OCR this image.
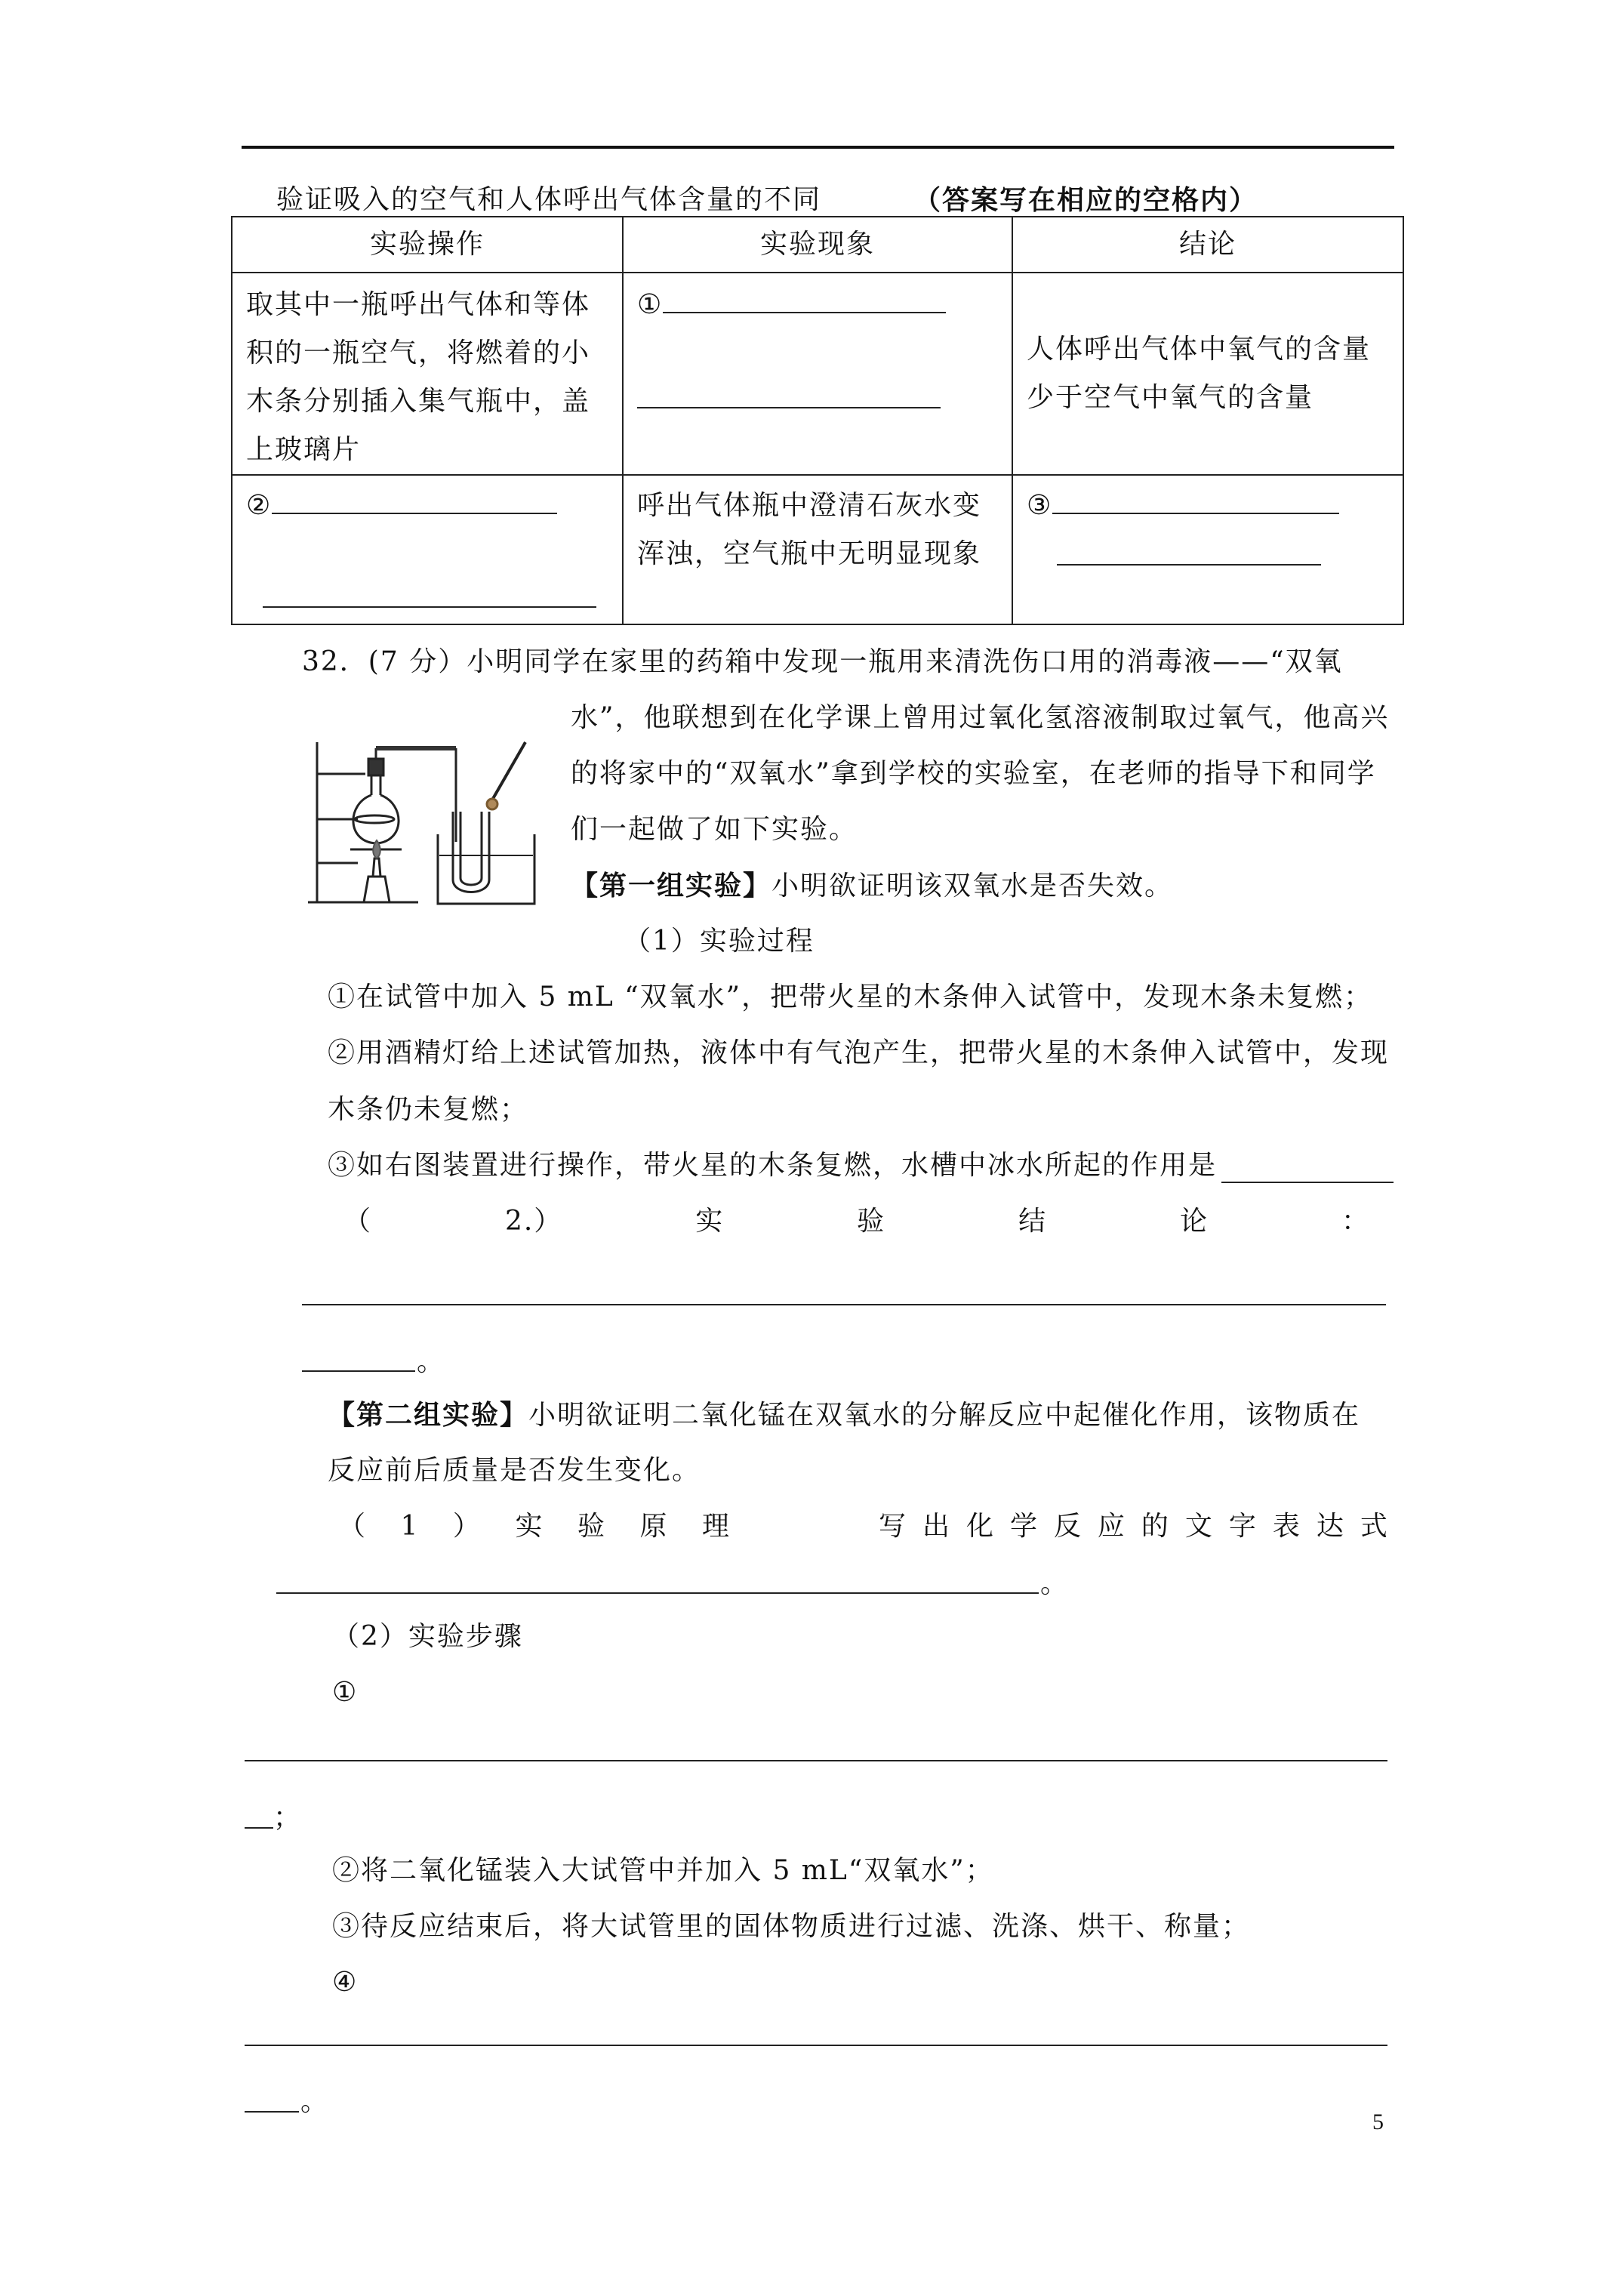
验证吸入的空气和人体呼出气体含量的不同	（答案写在相应的空格内）
实验操作	实验现象	结论
取其中一瓶呼出气体和等体积的一瓶空气，将燃着的小木条分别插入集气瓶中，盖上玻璃片	①	人体呼出气体中氧气的含量少于空气中氧气的含量

②	呼出气体瓶中澄清石灰水变浑浊，空气瓶中无明显现象	③
32．(7 分）小明同学在家里的药箱中发现一瓶用来清洗伤口用的消毒液——“双氧
水”，他联想到在化学课上曾用过氧化氢溶液制取过氧气，他高兴
的将家中的“双氧水”拿到学校的实验室，在老师的指导下和同学
们一起做了如下实验。
【第一组实验】小明欲证明该双氧水是否失效。
（1）实验过程
①在试管中加入 5 mL “双氧水”，把带火星的木条伸入试管中，发现木条未复燃；
②用酒精灯给上述试管加热，液体中有气泡产生，把带火星的木条伸入试管中，发现
木条仍未复燃；
③如右图装置进行操作，带火星的木条复燃，水槽中冰水所起的作用是
（	2.）	实	验	结	论	：
。
【第二组实验】小明欲证明二氧化锰在双氧水的分解反应中起催化作用，该物质在
反应前后质量是否发生变化。
（ 1 ） 实 验 原 理	写 出 化 学 反 应 的 文 字 表 达 式
。
（2）实验步骤
①
；
②将二氧化锰装入大试管中并加入 5 mL“双氧水”；
③待反应结束后，将大试管里的固体物质进行过滤、洗涤、烘干、称量；
④
。
5
